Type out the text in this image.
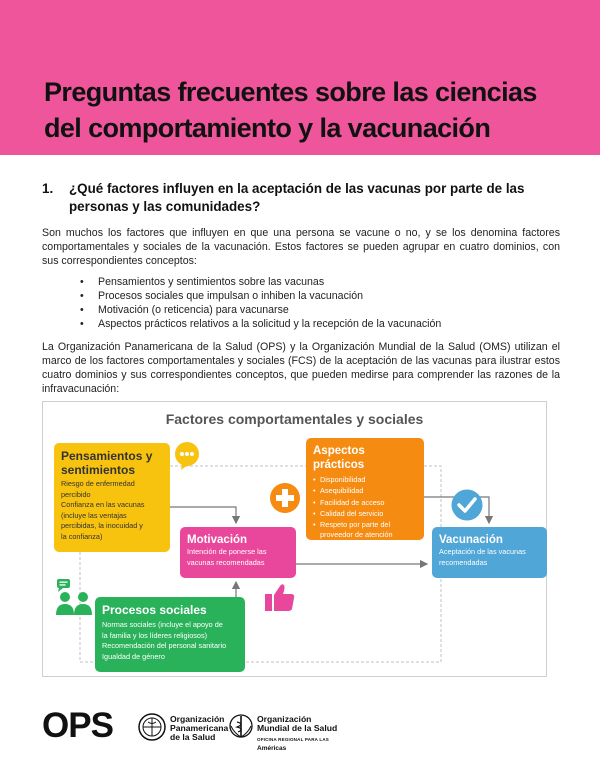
Preguntas frecuentes sobre las ciencias
del comportamiento y la vacunación
1.	¿Qué factores influyen en la aceptación de las vacunas por parte de las personas y las comunidades?

Son muchos los factores que influyen en que una persona se vacune o no, y se los denomina factores comportamentales y sociales de la vacunación. Estos factores se pueden agrupar en cuatro dominios, con sus correspondientes conceptos:

• Pensamientos y sentimientos sobre las vacunas
• Procesos sociales que impulsan o inhiben la vacunación
• Motivación (o reticencia) para vacunarse
• Aspectos prácticos relativos a la solicitud y la recepción de la vacunación

La Organización Panamericana de la Salud (OPS) y la Organización Mundial de la Salud (OMS) utilizan el marco de los factores comportamentales y sociales (FCS) de la aceptación de las vacunas para ilustrar estos cuatro dominios y sus correspondientes conceptos, que pueden medirse para comprender las razones de la infravacunación:

Factores comportamentales y sociales
Pensamientos y
sentimientos
Riesgo de enfermedad
percibido
Confianza en las vacunas
(incluye las ventajas
percibidas, la inocuidad y
la confianza)	Motivación
Intención de ponerse las
vacunas recomendadas
Aspectos prácticos
• Disponibilidad
• Asequibilidad
• Facilidad de acceso
• Calidad del servicio
• Respeto por parte del
proveedor de atención	Vacunación
Aceptación de las vacunas
recomendadas
Procesos sociales
Normas sociales (incluye el apoyo de
la familia y los líderes religiosos)
Recomendación del personal sanitario
Igualdad de género
OPS	Organización
Panamericana
de la Salud
Organización
Mundial de la Salud
OFICINA REGIONAL PARA LAS Américas
